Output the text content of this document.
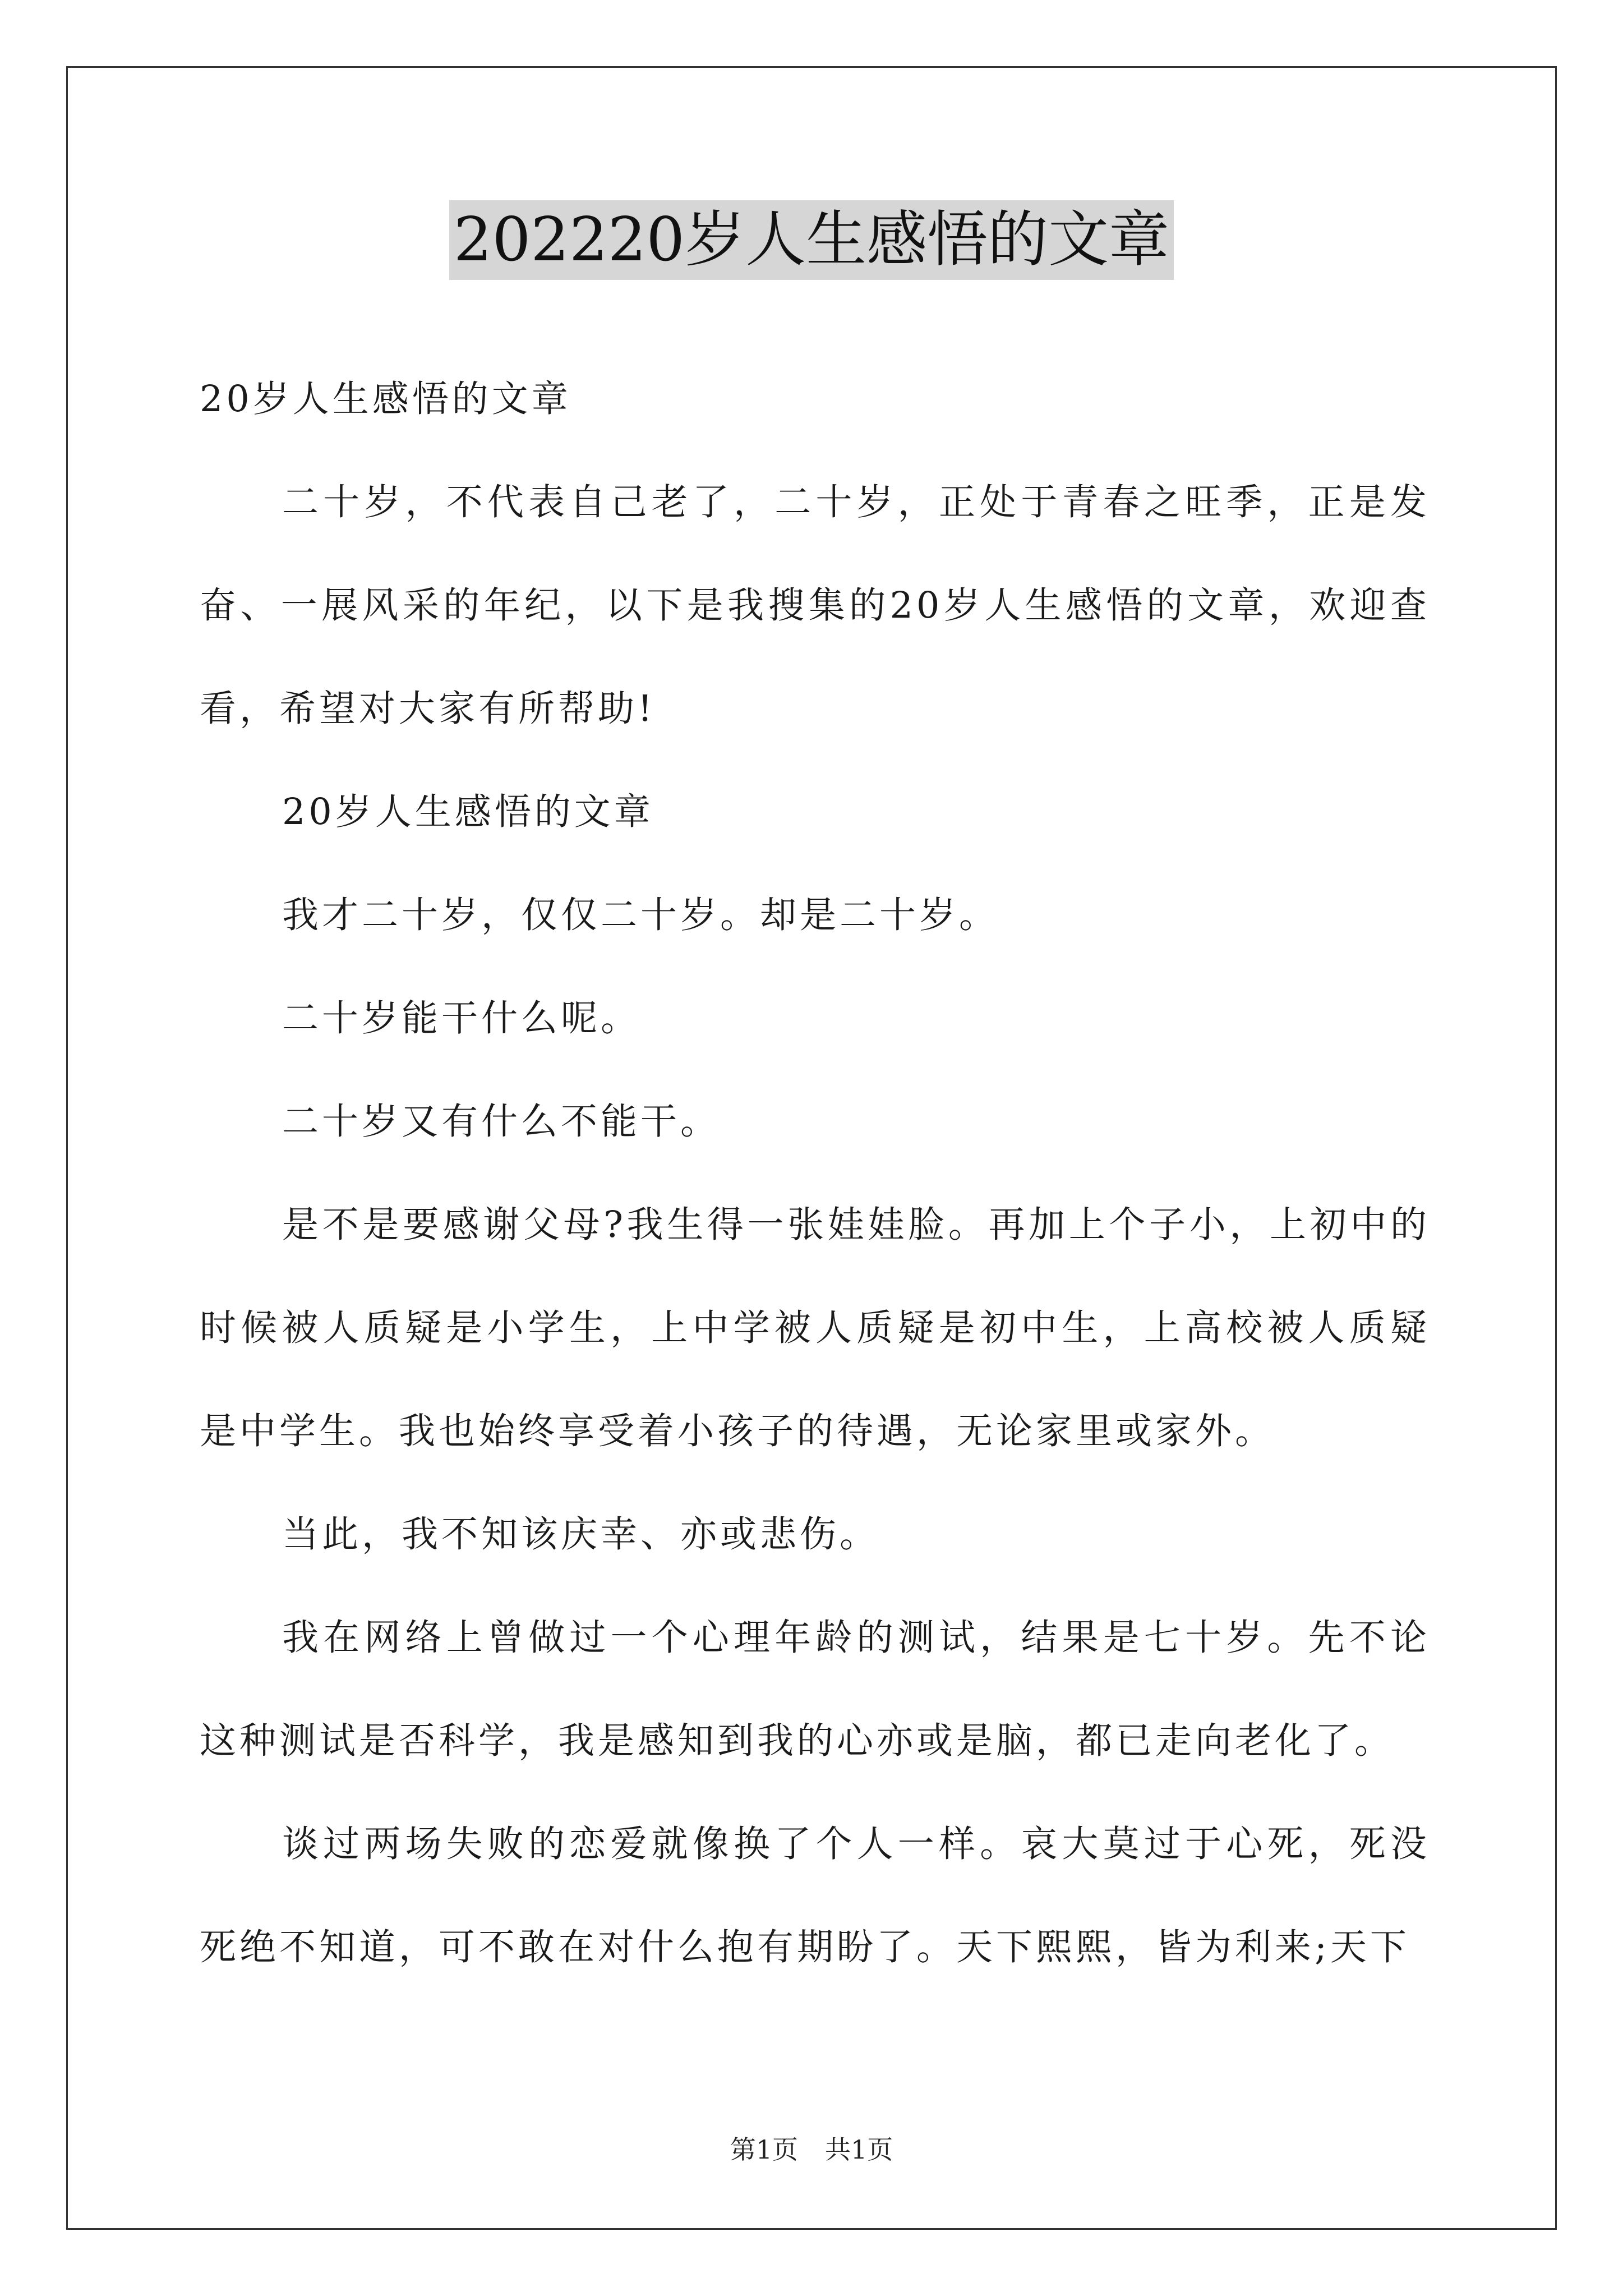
202220岁人生感悟的文章

20岁人生感悟的文章

二十岁，不代表自己老了，二十岁，正处于青春之旺季，正是发奋、一展风采的年纪，以下是我搜集的20岁人生感悟的文章，欢迎查看，希望对大家有所帮助!

20岁人生感悟的文章

我才二十岁，仅仅二十岁。却是二十岁。

二十岁能干什么呢。

二十岁又有什么不能干。

是不是要感谢父母?我生得一张娃娃脸。再加上个子小，上初中的时候被人质疑是小学生，上中学被人质疑是初中生，上高校被人质疑是中学生。我也始终享受着小孩子的待遇，无论家里或家外。

当此，我不知该庆幸、亦或悲伤。

我在网络上曾做过一个心理年龄的测试，结果是七十岁。先不论这种测试是否科学，我是感知到我的心亦或是脑，都已走向老化了。

谈过两场失败的恋爱就像换了个人一样。哀大莫过于心死，死没死绝不知道，可不敢在对什么抱有期盼了。天下熙熙，皆为利来;天下

第1页 共1页
